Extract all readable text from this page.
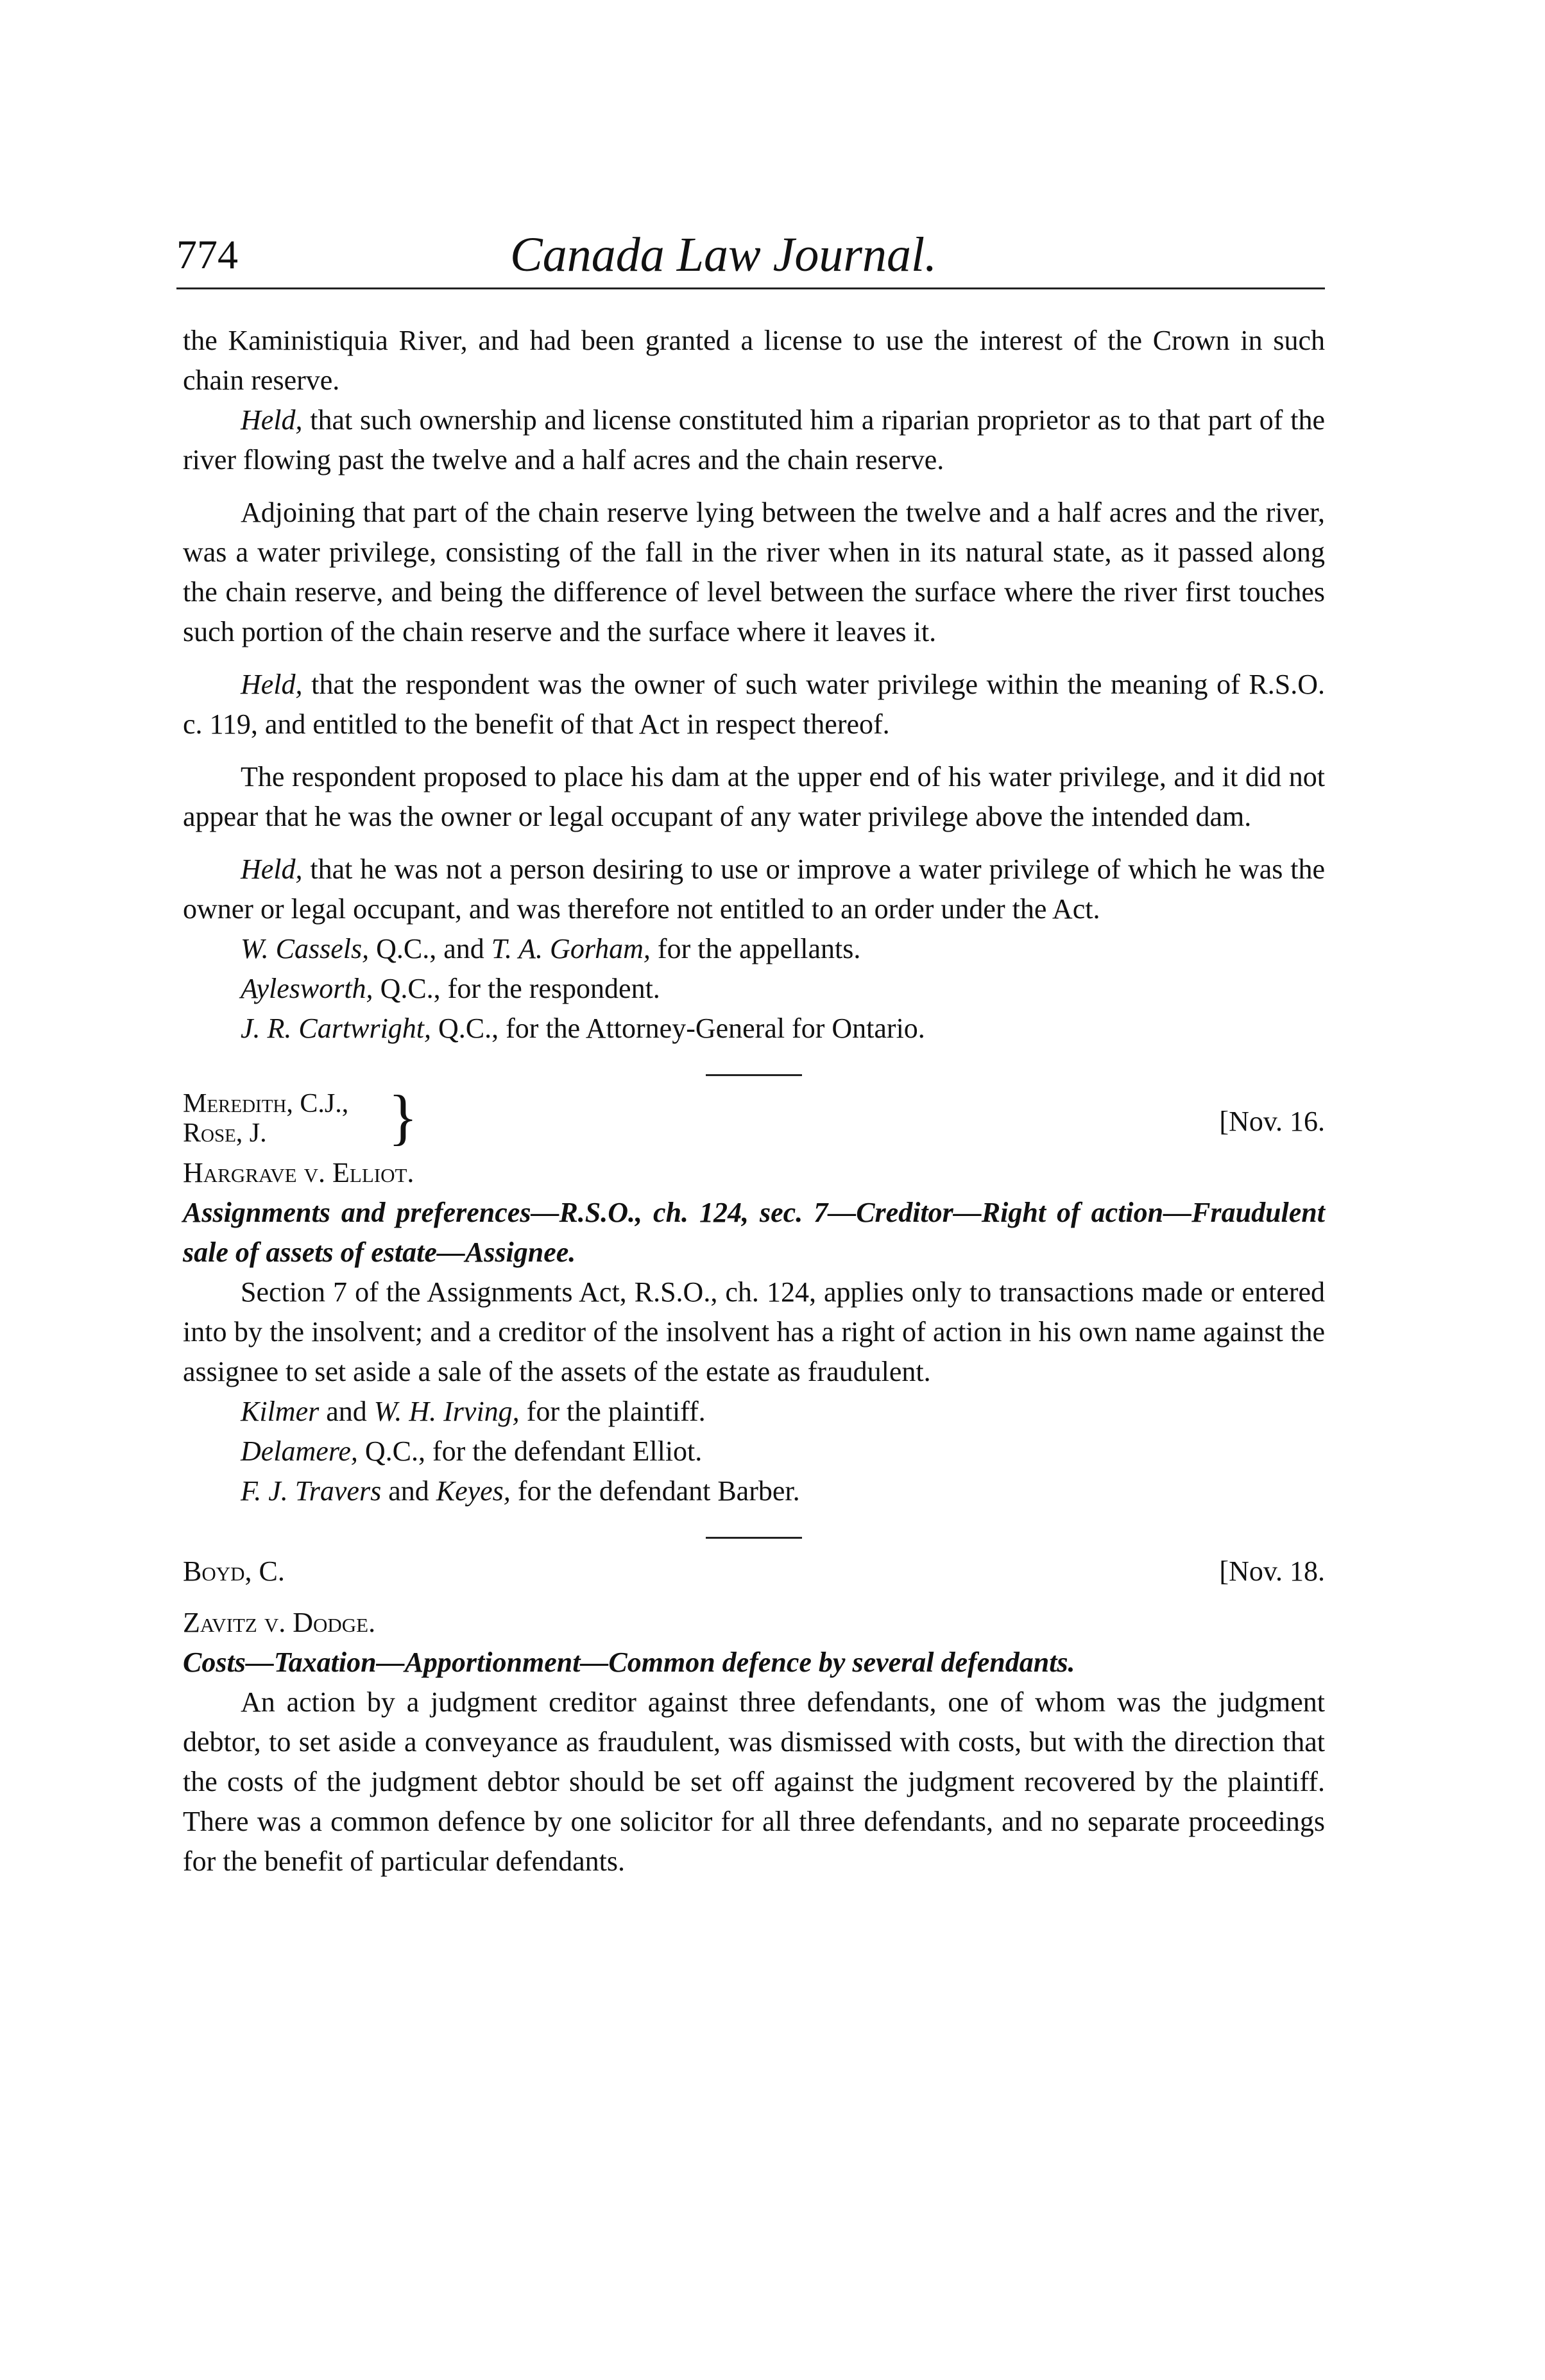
774	Canada Law Journal.

the Kaministiquia River, and had been granted a license to use the interest of the Crown in such chain reserve.

Held, that such ownership and license constituted him a riparian proprietor as to that part of the river flowing past the twelve and a half acres and the chain reserve.

Adjoining that part of the chain reserve lying between the twelve and a half acres and the river, was a water privilege, consisting of the fall in the river when in its natural state, as it passed along the chain reserve, and being the difference of level between the surface where the river first touches such portion of the chain reserve and the surface where it leaves it.

Held, that the respondent was the owner of such water privilege within the meaning of R.S.O. c. 119, and entitled to the benefit of that Act in respect thereof.

The respondent proposed to place his dam at the upper end of his water privilege, and it did not appear that he was the owner or legal occupant of any water privilege above the intended dam.

Held, that he was not a person desiring to use or improve a water privilege of which he was the owner or legal occupant, and was therefore not entitled to an order under the Act.

W. Cassels, Q.C., and T. A. Gorham, for the appellants.

Aylesworth, Q.C., for the respondent.

J. R. Cartwright, Q.C., for the Attorney-General for Ontario.

Meredith, C.J.,
Rose, J.	}	[Nov. 16.

Hargrave v. Elliot.

Assignments and preferences—R.S.O., ch. 124, sec. 7—Creditor—Right of action—Fraudulent sale of assets of estate—Assignee.

Section 7 of the Assignments Act, R.S.O., ch. 124, applies only to transactions made or entered into by the insolvent; and a creditor of the insolvent has a right of action in his own name against the assignee to set aside a sale of the assets of the estate as fraudulent.

Kilmer and W. H. Irving, for the plaintiff.

Delamere, Q.C., for the defendant Elliot.

F. J. Travers and Keyes, for the defendant Barber.

Boyd, C.	[Nov. 18.

Zavitz v. Dodge.

Costs—Taxation—Apportionment—Common defence by several defendants.

An action by a judgment creditor against three defendants, one of whom was the judgment debtor, to set aside a conveyance as fraudulent, was dismissed with costs, but with the direction that the costs of the judgment debtor should be set off against the judgment recovered by the plaintiff. There was a common defence by one solicitor for all three defendants, and no separate proceedings for the benefit of particular defendants.
